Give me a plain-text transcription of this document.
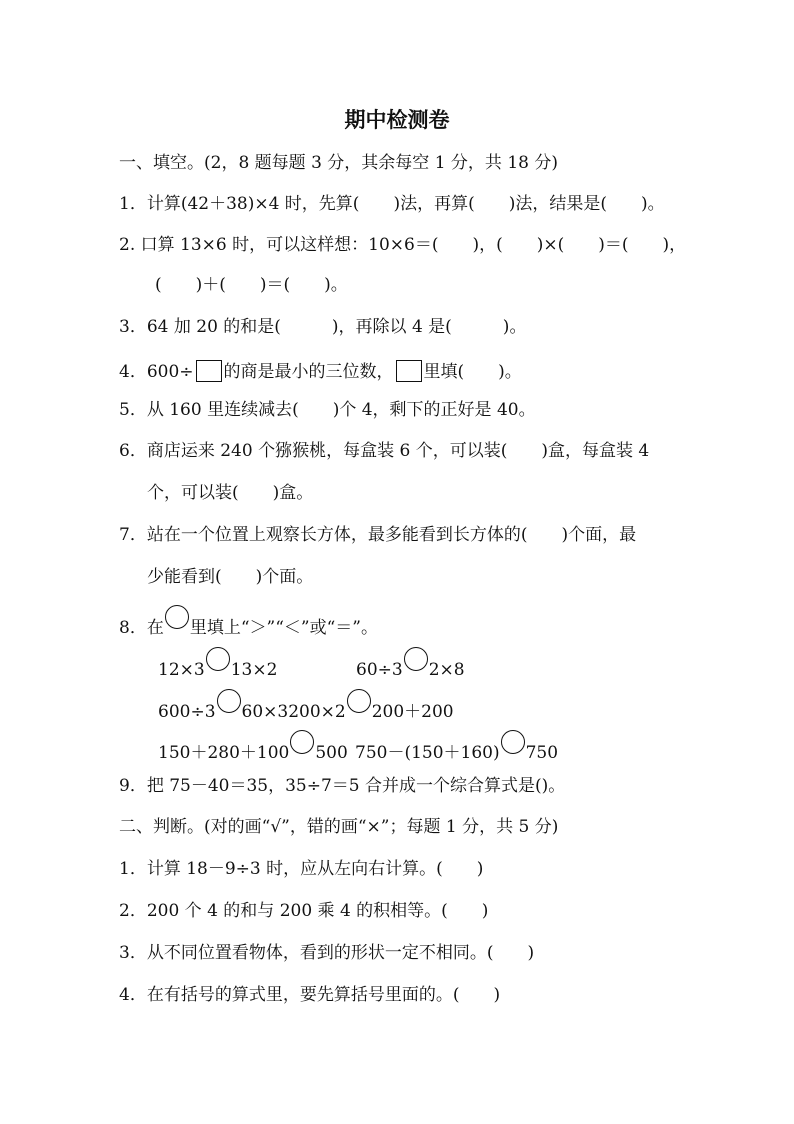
期中检测卷
一、填空。(2，8 题每题 3 分，其余每空 1 分，共 18 分)
1．计算(42＋38)×4 时，先算(　　)法，再算(　　)法，结果是(　　)。
2. 口算 13×6 时，可以这样想：10×6＝(　　)，(　　)×(　　)＝(　　)，
(　　)＋(　　)＝(　　)。
3．64 加 20 的和是(　　　)，再除以 4 是(　　　)。
4．600÷ 的商是最小的三位数， 里填(　　)。
5．从 160 里连续减去(　　)个 4，剩下的正好是 40。
6．商店运来 240 个猕猴桃，每盒装 6 个，可以装(　　)盒，每盒装 4
个，可以装(　　)盒。
7．站在一个位置上观察长方体，最多能看到长方体的(　　)个面，最
少能看到(　　)个面。
8．在 里填上“＞”“＜”或“＝”。
12×3 13×2	60÷3 2×8
600÷3 60×3200×2 200＋200
150＋280＋100 500 750－(150＋160) 750
9．把 75－40＝35，35÷7＝5 合并成一个综合算式是()。
二、判断。(对的画“√”，错的画“×”；每题 1 分，共 5 分)
1．计算 18－9÷3 时，应从左向右计算。(　　)
2．200 个 4 的和与 200 乘 4 的积相等。(　　)
3．从不同位置看物体，看到的形状一定不相同。(　　)
4．在有括号的算式里，要先算括号里面的。(　　)
